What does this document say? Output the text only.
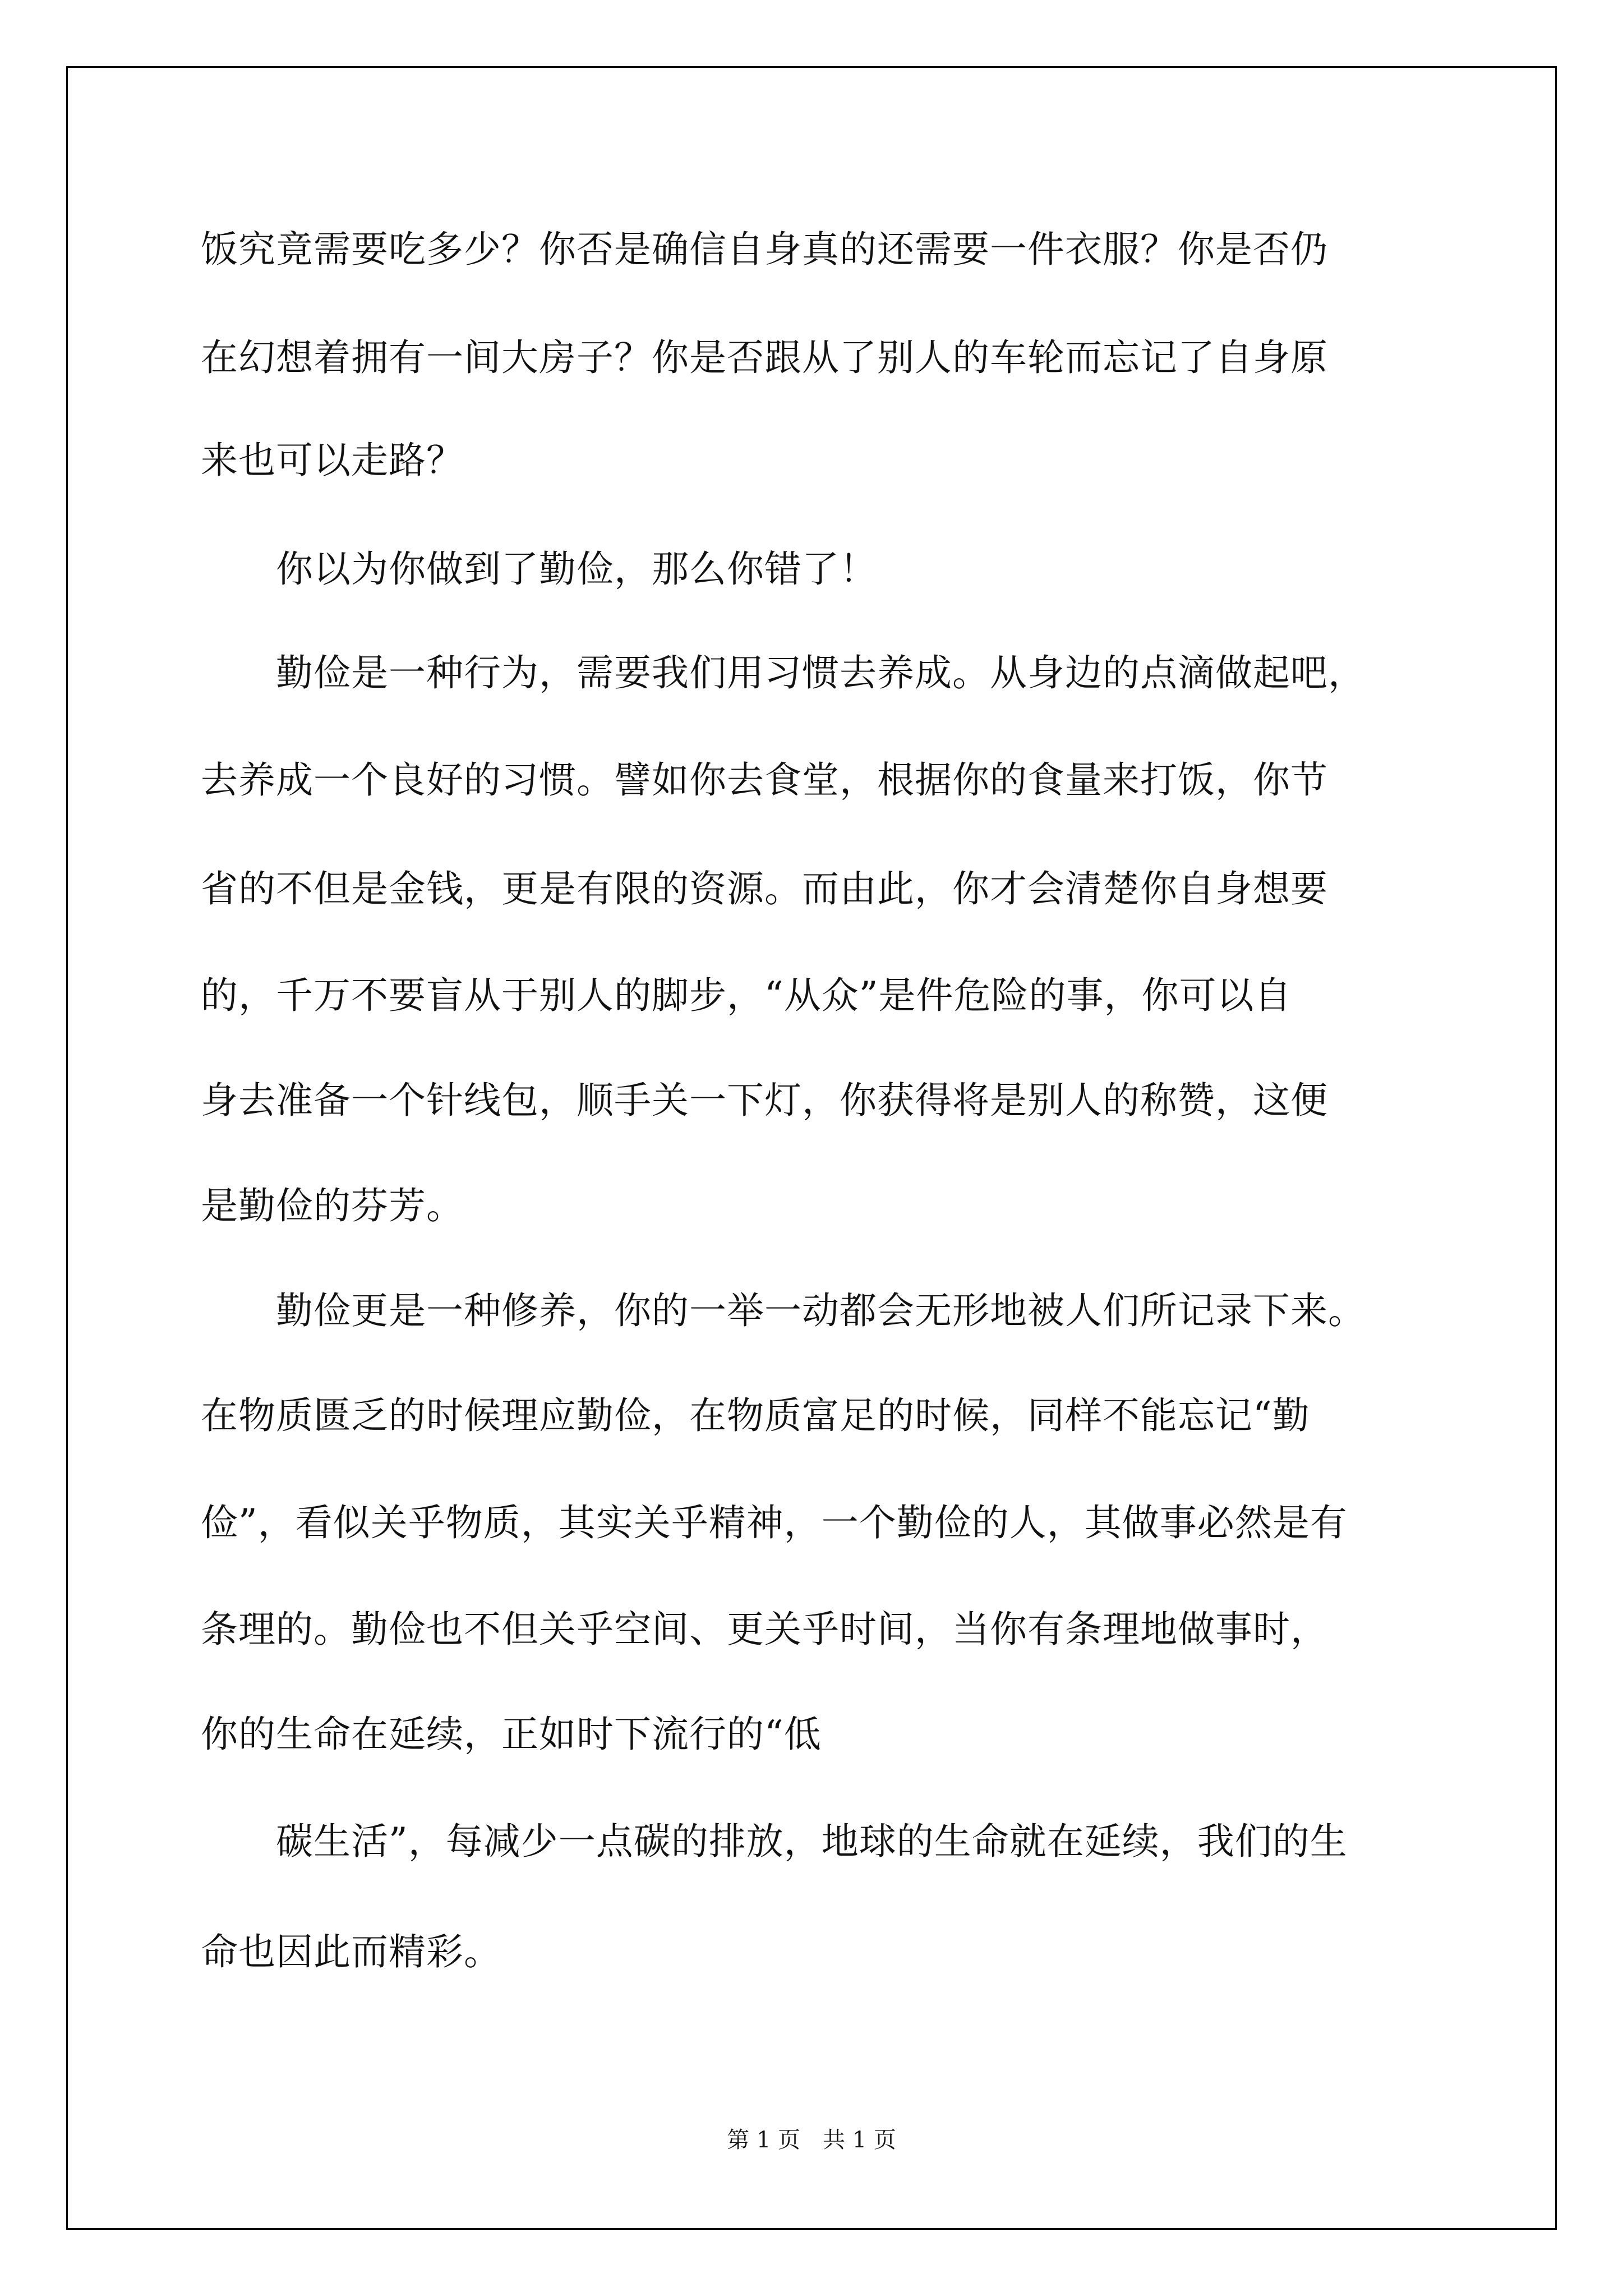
饭究竟需要吃多少？你否是确信自身真的还需要一件衣服？你是否仍
在幻想着拥有一间大房子？你是否跟从了别人的车轮而忘记了自身原
来也可以走路？
　　你以为你做到了勤俭，那么你错了！
　　勤俭是一种行为，需要我们用习惯去养成。从身边的点滴做起吧，
去养成一个良好的习惯。譬如你去食堂，根据你的食量来打饭，你节
省的不但是金钱，更是有限的资源。而由此，你才会清楚你自身想要
的，千万不要盲从于别人的脚步，“从众”是件危险的事，你可以自
身去准备一个针线包，顺手关一下灯，你获得将是别人的称赞，这便
是勤俭的芬芳。
　　勤俭更是一种修养，你的一举一动都会无形地被人们所记录下来。
在物质匮乏的时候理应勤俭，在物质富足的时候，同样不能忘记“勤
俭”，看似关乎物质，其实关乎精神，一个勤俭的人，其做事必然是有
条理的。勤俭也不但关乎空间、更关乎时间，当你有条理地做事时，
你的生命在延续，正如时下流行的“低
　　碳生活”，每减少一点碳的排放，地球的生命就在延续，我们的生
命也因此而精彩。
第 1 页　共 1 页
